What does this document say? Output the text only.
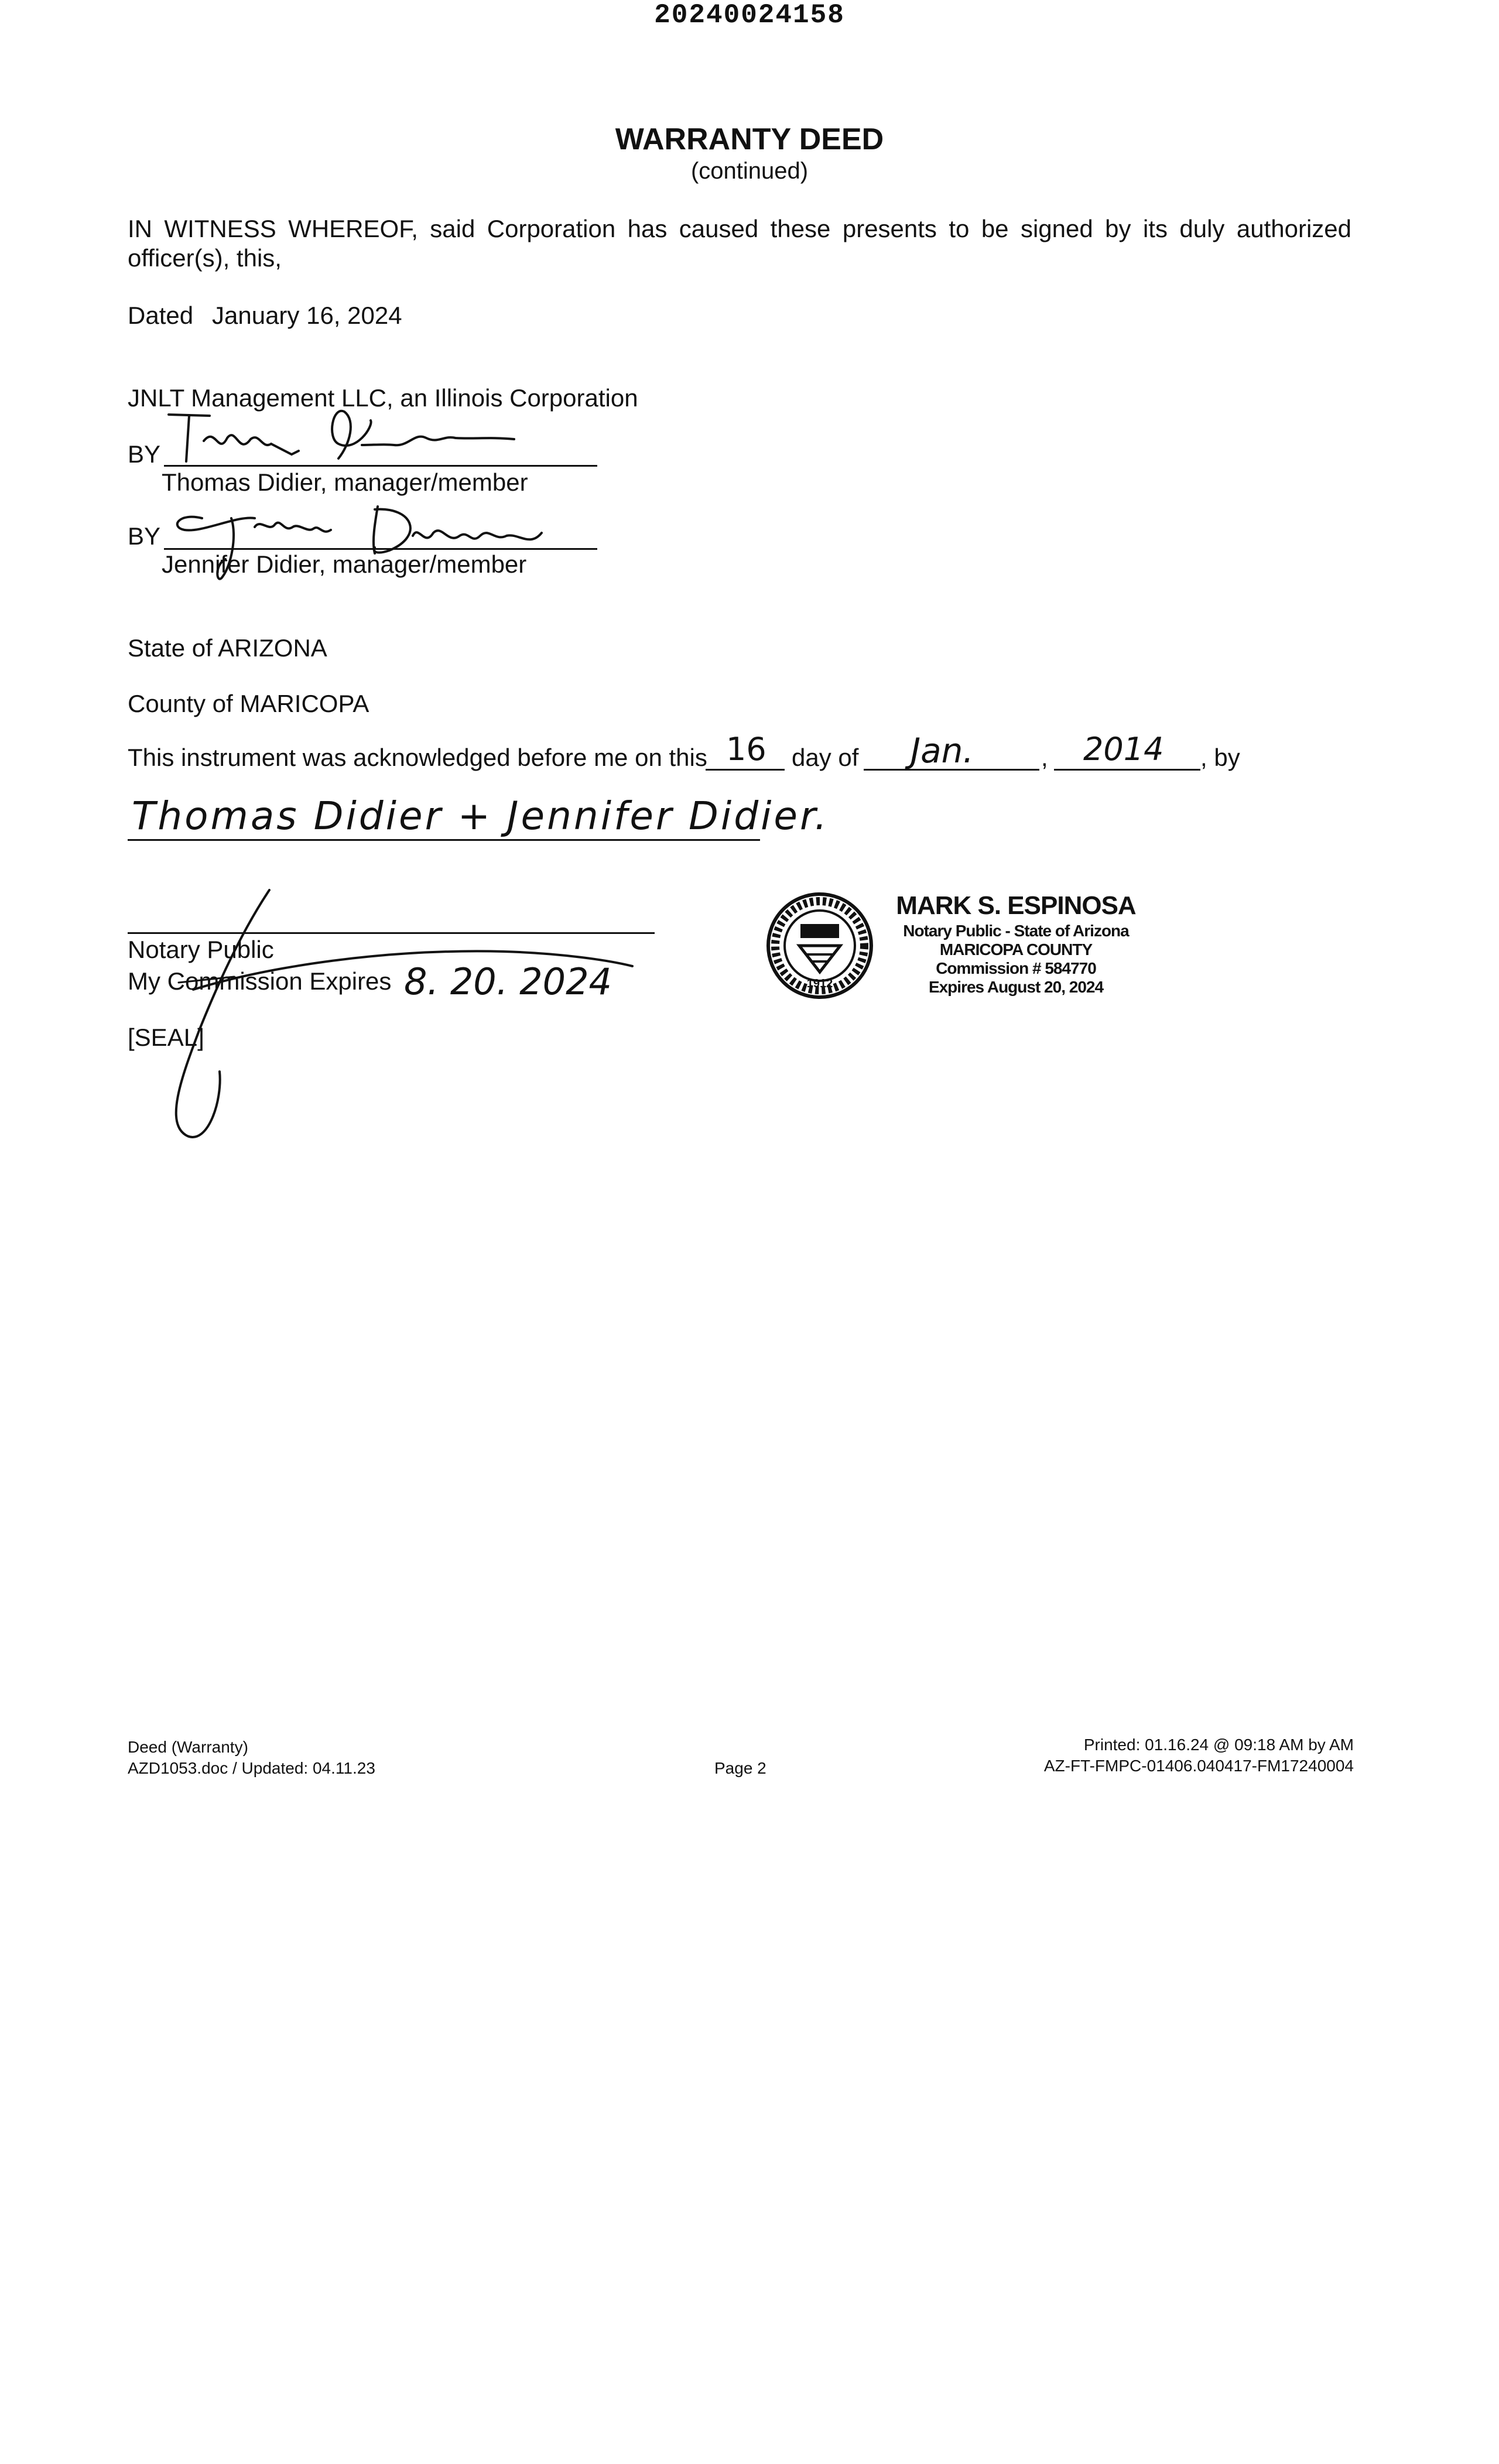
20240024158
WARRANTY DEED
(continued)
IN WITNESS WHEREOF, said Corporation has caused these presents to be signed by its duly authorized officer(s), this,
Dated January 16, 2024
JNLT Management LLC, an Illinois Corporation
BY
Thomas Didier, manager/member
BY
Jennifer Didier, manager/member
State of ARIZONA
County of MARICOPA
This instrument was acknowledged before me on this 16 day of Jan.	, 2014 , by
Thomas Didier + Jennifer Didier.
Notary Public
My Commission Expires 8. 20. 2024
[SEAL]
1912
MARK S. ESPINOSA
Notary Public - State of Arizona
MARICOPA COUNTY
Commission # 584770
Expires August 20, 2024
Deed (Warranty)
AZD1053.doc / Updated: 04.11.23	Page 2
Printed: 01.16.24 @ 09:18 AM by AM
AZ-FT-FMPC-01406.040417-FM17240004
